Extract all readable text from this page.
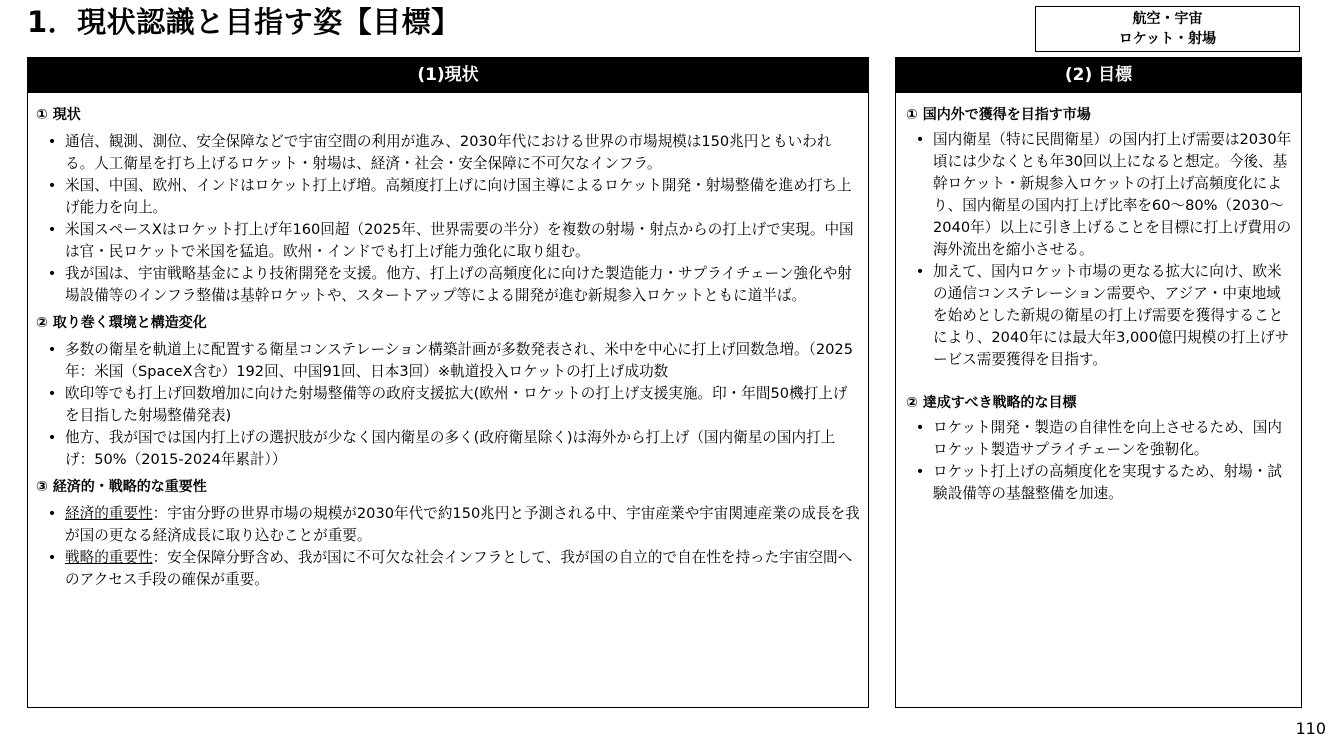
1．現状認識と目指す姿【目標】	航空・宇宙
ロケット・射場
(1)現状
① 現状
• 通信、観測、測位、安全保障などで宇宙空間の利用が進み、2030年代における世界の市場規模は150兆円ともいわれる。人工衛星を打ち上げるロケット・射場は、経済・社会・安全保障に不可欠なインフラ。
• 米国、中国、欧州、インドはロケット打上げ増。高頻度打上げに向け国主導によるロケット開発・射場整備を進め打ち上げ能力を向上。
• 米国スペースXはロケット打上げ年160回超（2025年、世界需要の半分）を複数の射場・射点からの打上げで実現。中国は官・民ロケットで米国を猛追。欧州・インドでも打上げ能力強化に取り組む。
• 我が国は、宇宙戦略基金により技術開発を支援。他方、打上げの高頻度化に向けた製造能力・サプライチェーン強化や射場設備等のインフラ整備は基幹ロケットや、スタートアップ等による開発が進む新規参入ロケットともに道半ば。
② 取り巻く環境と構造変化
• 多数の衛星を軌道上に配置する衛星コンステレーション構築計画が多数発表され、米中を中心に打上げ回数急増。（2025年：米国（SpaceX含む）192回、中国91回、日本3回）※軌道投入ロケットの打上げ成功数
• 欧印等でも打上げ回数増加に向けた射場整備等の政府支援拡大(欧州・ロケットの打上げ支援実施。印・年間50機打上げを目指した射場整備発表)
• 他方、我が国では国内打上げの選択肢が少なく国内衛星の多く(政府衛星除く)は海外から打上げ（国内衛星の国内打上げ：50%（2015-2024年累計））
③ 経済的・戦略的な重要性
• 経済的重要性：宇宙分野の世界市場の規模が2030年代で約150兆円と予測される中、宇宙産業や宇宙関連産業の成長を我が国の更なる経済成長に取り込むことが重要。
• 戦略的重要性：安全保障分野含め、我が国に不可欠な社会インフラとして、我が国の自立的で自在性を持った宇宙空間へのアクセス手段の確保が重要。
(2) 目標
① 国内外で獲得を目指す市場
• 国内衛星（特に民間衛星）の国内打上げ需要は2030年頃には少なくとも年30回以上になると想定。今後、基幹ロケット・新規参入ロケットの打上げ高頻度化により、国内衛星の国内打上げ比率を60～80%（2030～2040年）以上に引き上げることを目標に打上げ費用の海外流出を縮小させる。
• 加えて、国内ロケット市場の更なる拡大に向け、欧米の通信コンステレーション需要や、アジア・中東地域を始めとした新規の衛星の打上げ需要を獲得することにより、2040年には最大年3,000億円規模の打上げサービス需要獲得を目指す。
② 達成すべき戦略的な目標
• ロケット開発・製造の自律性を向上させるため、国内ロケット製造サプライチェーンを強靭化。
• ロケット打上げの高頻度化を実現するため、射場・試験設備等の基盤整備を加速。
110
